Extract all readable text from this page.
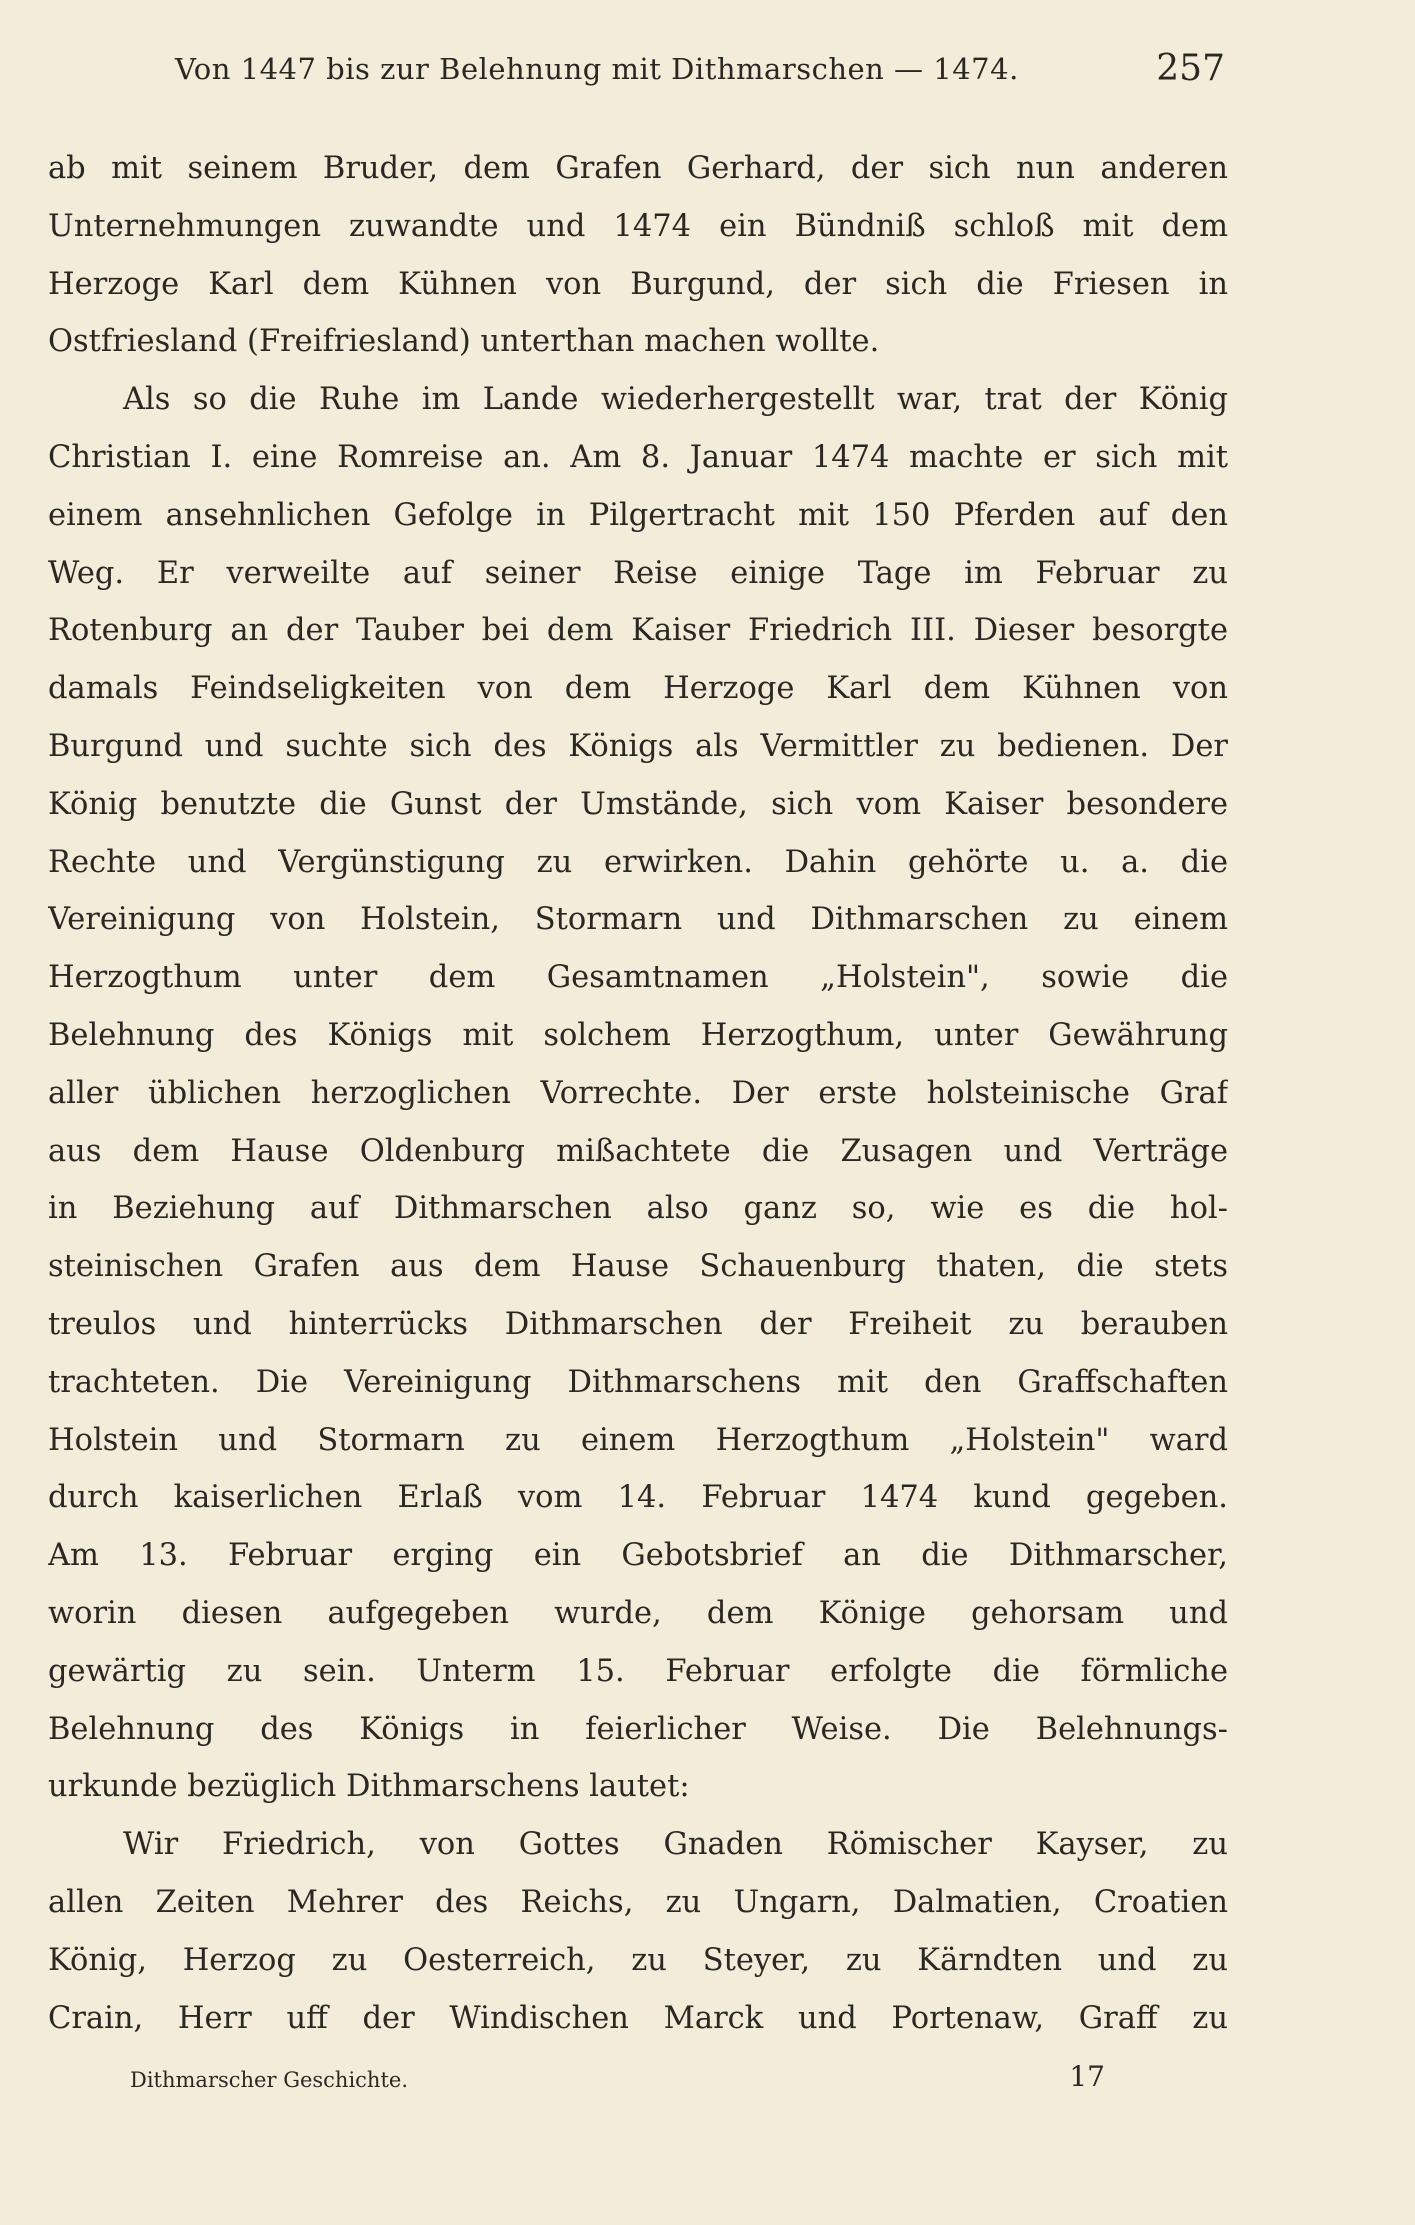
Von 1447 bis zur Belehnung mit Dithmarschen — 1474.	257
ab mit seinem Bruder, dem Grafen Gerhard, der sich nun anderen
Unternehmungen zuwandte und 1474 ein Bündniß schloß mit dem
Herzoge Karl dem Kühnen von Burgund, der sich die Friesen in
Ostfriesland (Freifriesland) unterthan machen wollte.
Als so die Ruhe im Lande wiederhergestellt war, trat der König
Christian I. eine Romreise an. Am 8. Januar 1474 machte er sich mit
einem ansehnlichen Gefolge in Pilgertracht mit 150 Pferden auf den
Weg. Er verweilte auf seiner Reise einige Tage im Februar zu
Rotenburg an der Tauber bei dem Kaiser Friedrich III. Dieser besorgte
damals Feindseligkeiten von dem Herzoge Karl dem Kühnen von
Burgund und suchte sich des Königs als Vermittler zu bedienen. Der
König benutzte die Gunst der Umstände, sich vom Kaiser besondere
Rechte und Vergünstigung zu erwirken. Dahin gehörte u. a. die
Vereinigung von Holstein, Stormarn und Dithmarschen zu einem
Herzogthum unter dem Gesamtnamen „Holstein", sowie die
Belehnung des Königs mit solchem Herzogthum, unter Gewährung
aller üblichen herzoglichen Vorrechte. Der erste holsteinische Graf
aus dem Hause Oldenburg mißachtete die Zusagen und Verträge
in Beziehung auf Dithmarschen also ganz so, wie es die hol-
steinischen Grafen aus dem Hause Schauenburg thaten, die stets
treulos und hinterrücks Dithmarschen der Freiheit zu berauben
trachteten. Die Vereinigung Dithmarschens mit den Graffschaften
Holstein und Stormarn zu einem Herzogthum „Holstein" ward
durch kaiserlichen Erlaß vom 14. Februar 1474 kund gegeben.
Am 13. Februar erging ein Gebotsbrief an die Dithmarscher,
worin diesen aufgegeben wurde, dem Könige gehorsam und
gewärtig zu sein. Unterm 15. Februar erfolgte die förmliche
Belehnung des Königs in feierlicher Weise. Die Belehnungs-
urkunde bezüglich Dithmarschens lautet:
Wir Friedrich, von Gottes Gnaden Römischer Kayser, zu
allen Zeiten Mehrer des Reichs, zu Ungarn, Dalmatien, Croatien
König, Herzog zu Oesterreich, zu Steyer, zu Kärndten und zu
Crain, Herr uff der Windischen Marck und Portenaw, Graff zu
Dithmarscher Geschichte.	17
